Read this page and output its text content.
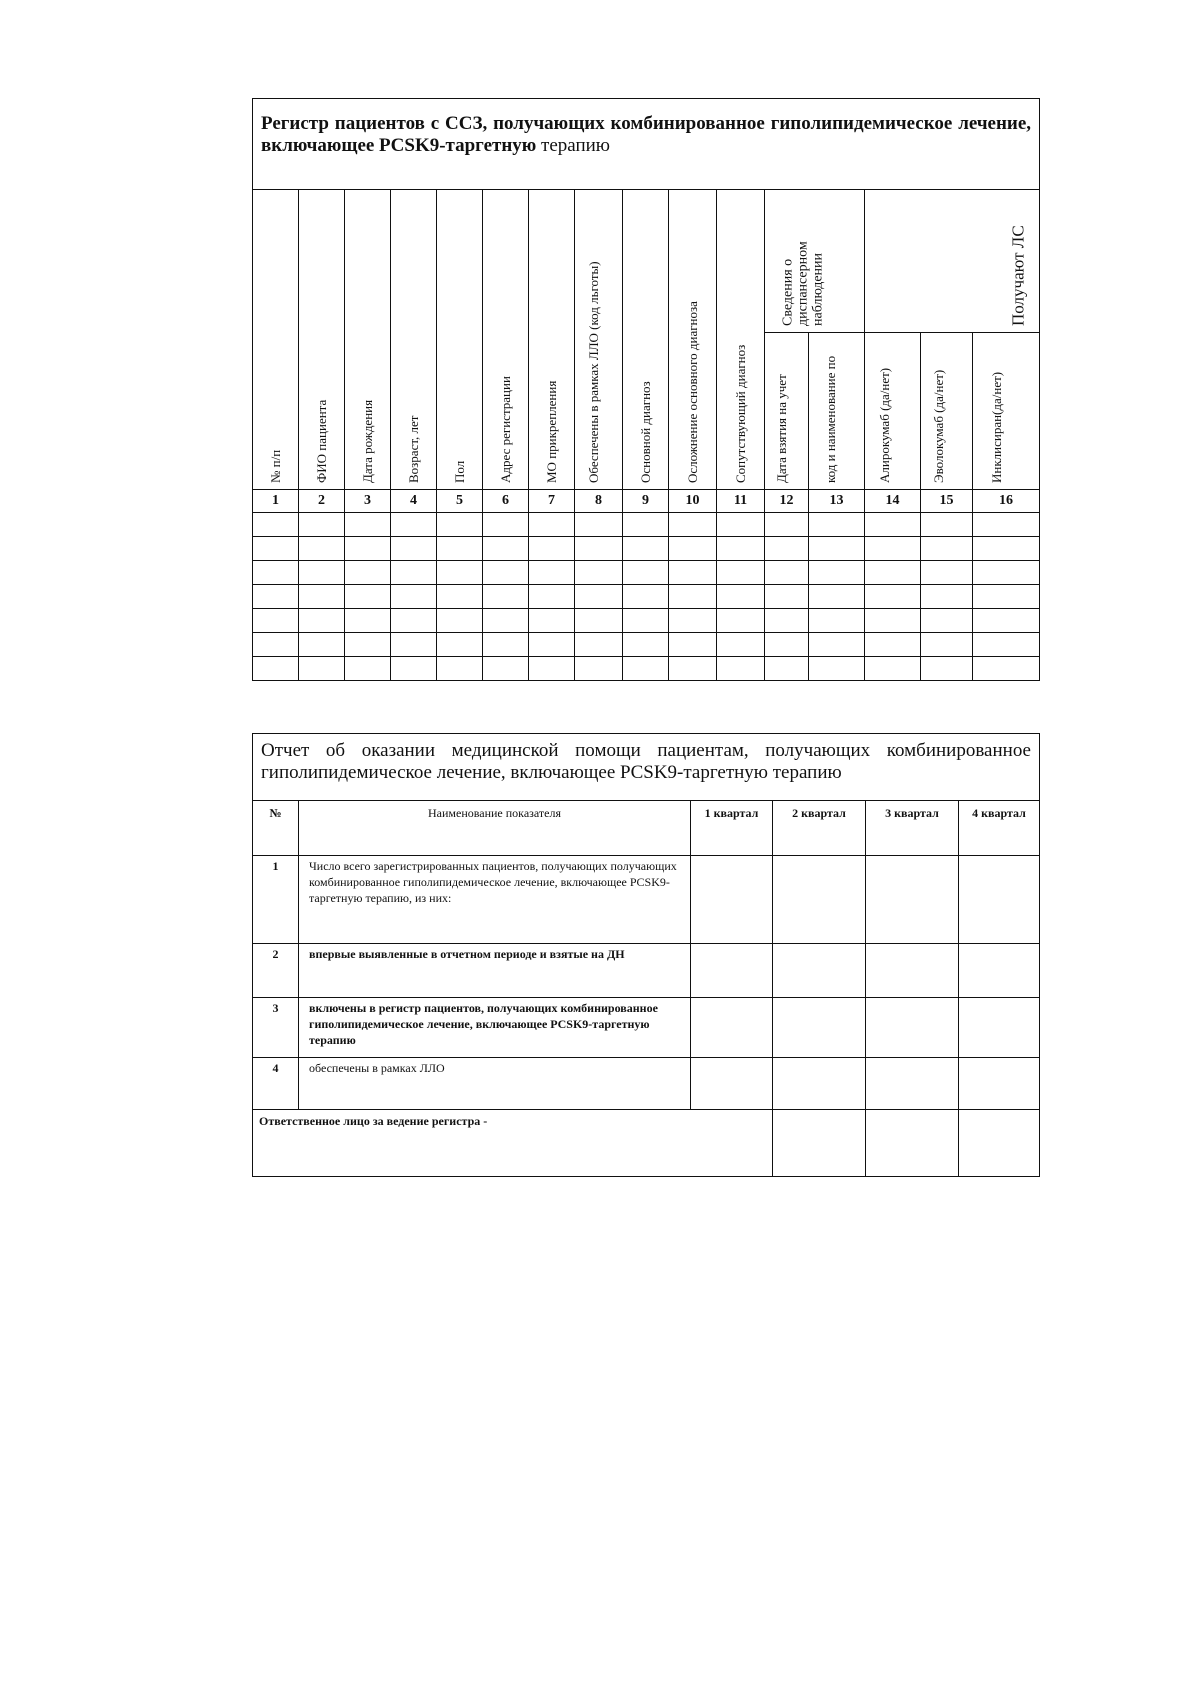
Регистр пациентов с ССЗ, получающих комбинированное гиполипидемическое лечение, включающее PCSK9-таргетную терапию															

№ п/п	ФИО пациента	Дата рождения	Возраст, лет	Пол	Адрес регистрации	МО прикрепления	Обеспечены в рамках ЛЛО (код льготы)	Основной диагноз	Осложнение основного диагноза	Сопутствующий диагноз	Сведения о диспансерном наблюдении		Получают ЛС		

											Дата взятия на учет	код и наименование по	Алирокумаб (да/нет)	Эволокумаб (да/нет)	Инклисиран(да/нет)

1	2	3	4	5	6	7	8	9	10	11	12	13	14	15	16

Отчет об оказании медицинской помощи пациентам, получающих комбинированное гиполипидемическое лечение, включающее PCSK9-таргетную терапию					
№	Наименование показателя	1 квартал	2 квартал	3 квартал	4 квартал
1	Число всего зарегистрированных пациентов, получающих получающих комбинированное гиполипидемическое лечение, включающее PCSK9-таргетную терапию, из них:				
2	впервые выявленные в отчетном периоде и взятые на ДН				
3	включены в регистр пациентов, получающих комбинированное гиполипидемическое лечение, включающее PCSK9-таргетную терапию				
4	обеспечены в рамках ЛЛО				
Ответственное лицо за ведение регистра -					
